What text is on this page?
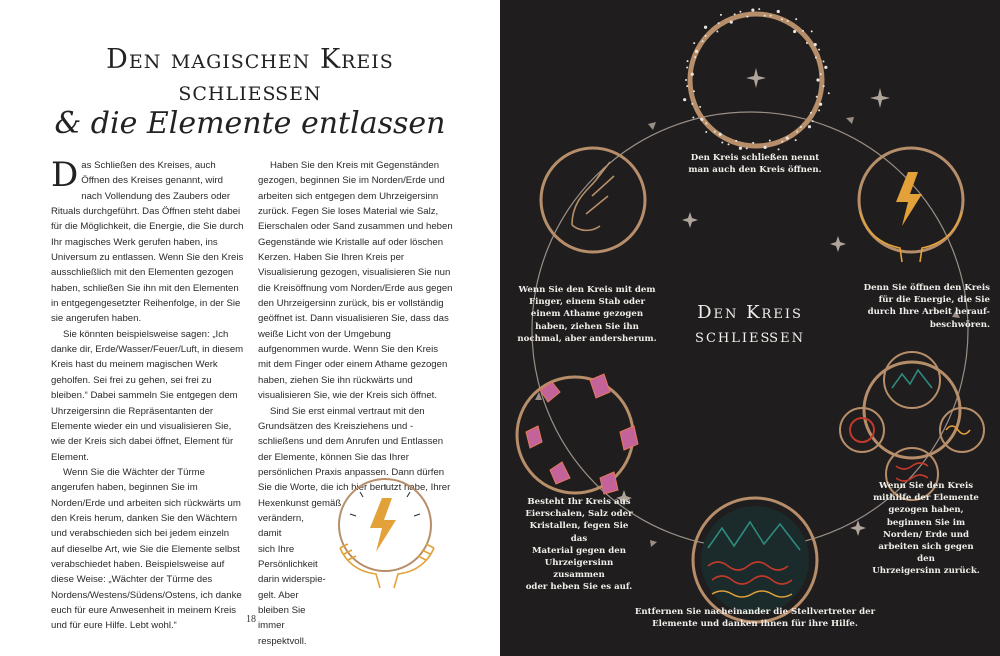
Den magischen Kreis
schließen
& die Elemente entlassen

Das Schließen des Kreises, auch Öffnen des Kreises genannt, wird nach Vollendung des Zaubers oder Rituals durchgeführt. Das Öffnen steht dabei für die Möglichkeit, die Energie, die Sie durch Ihr magisches Werk gerufen haben, ins Universum zu entlassen. Wenn Sie den Kreis ausschließlich mit den Elementen gezogen haben, schließen Sie ihn mit den Elementen in entgegengesetzter Reihenfolge, in der Sie sie angerufen haben.

Sie könnten beispielsweise sagen: „Ich danke dir, Erde/Wasser/Feuer/Luft, in diesem Kreis hast du meinem magischen Werk geholfen. Sei frei zu gehen, sei frei zu bleiben.“ Dabei sammeln Sie entgegen dem Uhrzeigersinn die Repräsentanten der Elemente wieder ein und visualisieren Sie, wie der Kreis sich dabei öffnet, Element für Element.

Wenn Sie die Wächter der Türme angerufen haben, beginnen Sie im Norden/Erde und arbeiten sich rückwärts um den Kreis herum, danken Sie den Wächtern und verabschieden sich bei jedem einzeln auf dieselbe Art, wie Sie die Elemente selbst verabschiedet haben. Beispielsweise auf diese Weise: „Wächter der Türme des Nordens/Westens/Südens/Ostens, ich danke euch für eure Anwesenheit in meinem Kreis und für eure Hilfe. Lebt wohl.“

Haben Sie den Kreis mit Gegenständen gezogen, beginnen Sie im Norden/Erde und arbeiten sich entgegen dem Uhrzeigersinn zurück. Fegen Sie loses Material wie Salz, Eierschalen oder Sand zusammen und heben Gegenstände wie Kristalle auf oder löschen Kerzen. Haben Sie Ihren Kreis per Visualisierung gezogen, visualisieren Sie nun die Kreisöffnung vom Norden/Erde aus gegen den Uhrzeigersinn zurück, bis er vollständig geöffnet ist. Dann visualisieren Sie, dass das weiße Licht von der Umgebung aufgenommen wurde. Wenn Sie den Kreis mit dem Finger oder einem Athame gezogen haben, ziehen Sie ihn rückwärts und visualisieren Sie, wie der Kreis sich öffnet.

Sind Sie erst einmal vertraut mit den Grundsätzen des Kreisziehens und -schließens und dem Anrufen und Entlassen der Elemente, können Sie das Ihrer persönlichen Praxis anpassen. Dann dürfen Sie die Worte, die ich hier benutzt habe, Ihrer Hexenkunst gemäß

verändern, damit
sich Ihre
Persönlichkeit
darin widerspie-
gelt. Aber
bleiben Sie
immer respektvoll.
18
Den Kreis
schließen
Den Kreis schließen nennt
man auch den Kreis öffnen.
Denn Sie öffnen den Kreis
für die Energie, die Sie
durch Ihre Arbeit herauf-
beschwören.
Wenn Sie den Kreis mit dem
Finger, einem Stab oder
einem Athame gezogen
haben, ziehen Sie ihn
nochmal, aber andersherum.
Besteht Ihr Kreis aus
Eierschalen, Salz oder
Kristallen, fegen Sie das
Material gegen den
Uhrzeigersinn zusammen
oder heben Sie es auf.
Wenn Sie den Kreis
mithilfe der Elemente
gezogen haben,
beginnen Sie im
Norden/ Erde und
arbeiten sich gegen den
Uhrzeigersinn zurück.
Entfernen Sie nacheinander die Stellvertreter der
Elemente und danken ihnen für ihre Hilfe.
